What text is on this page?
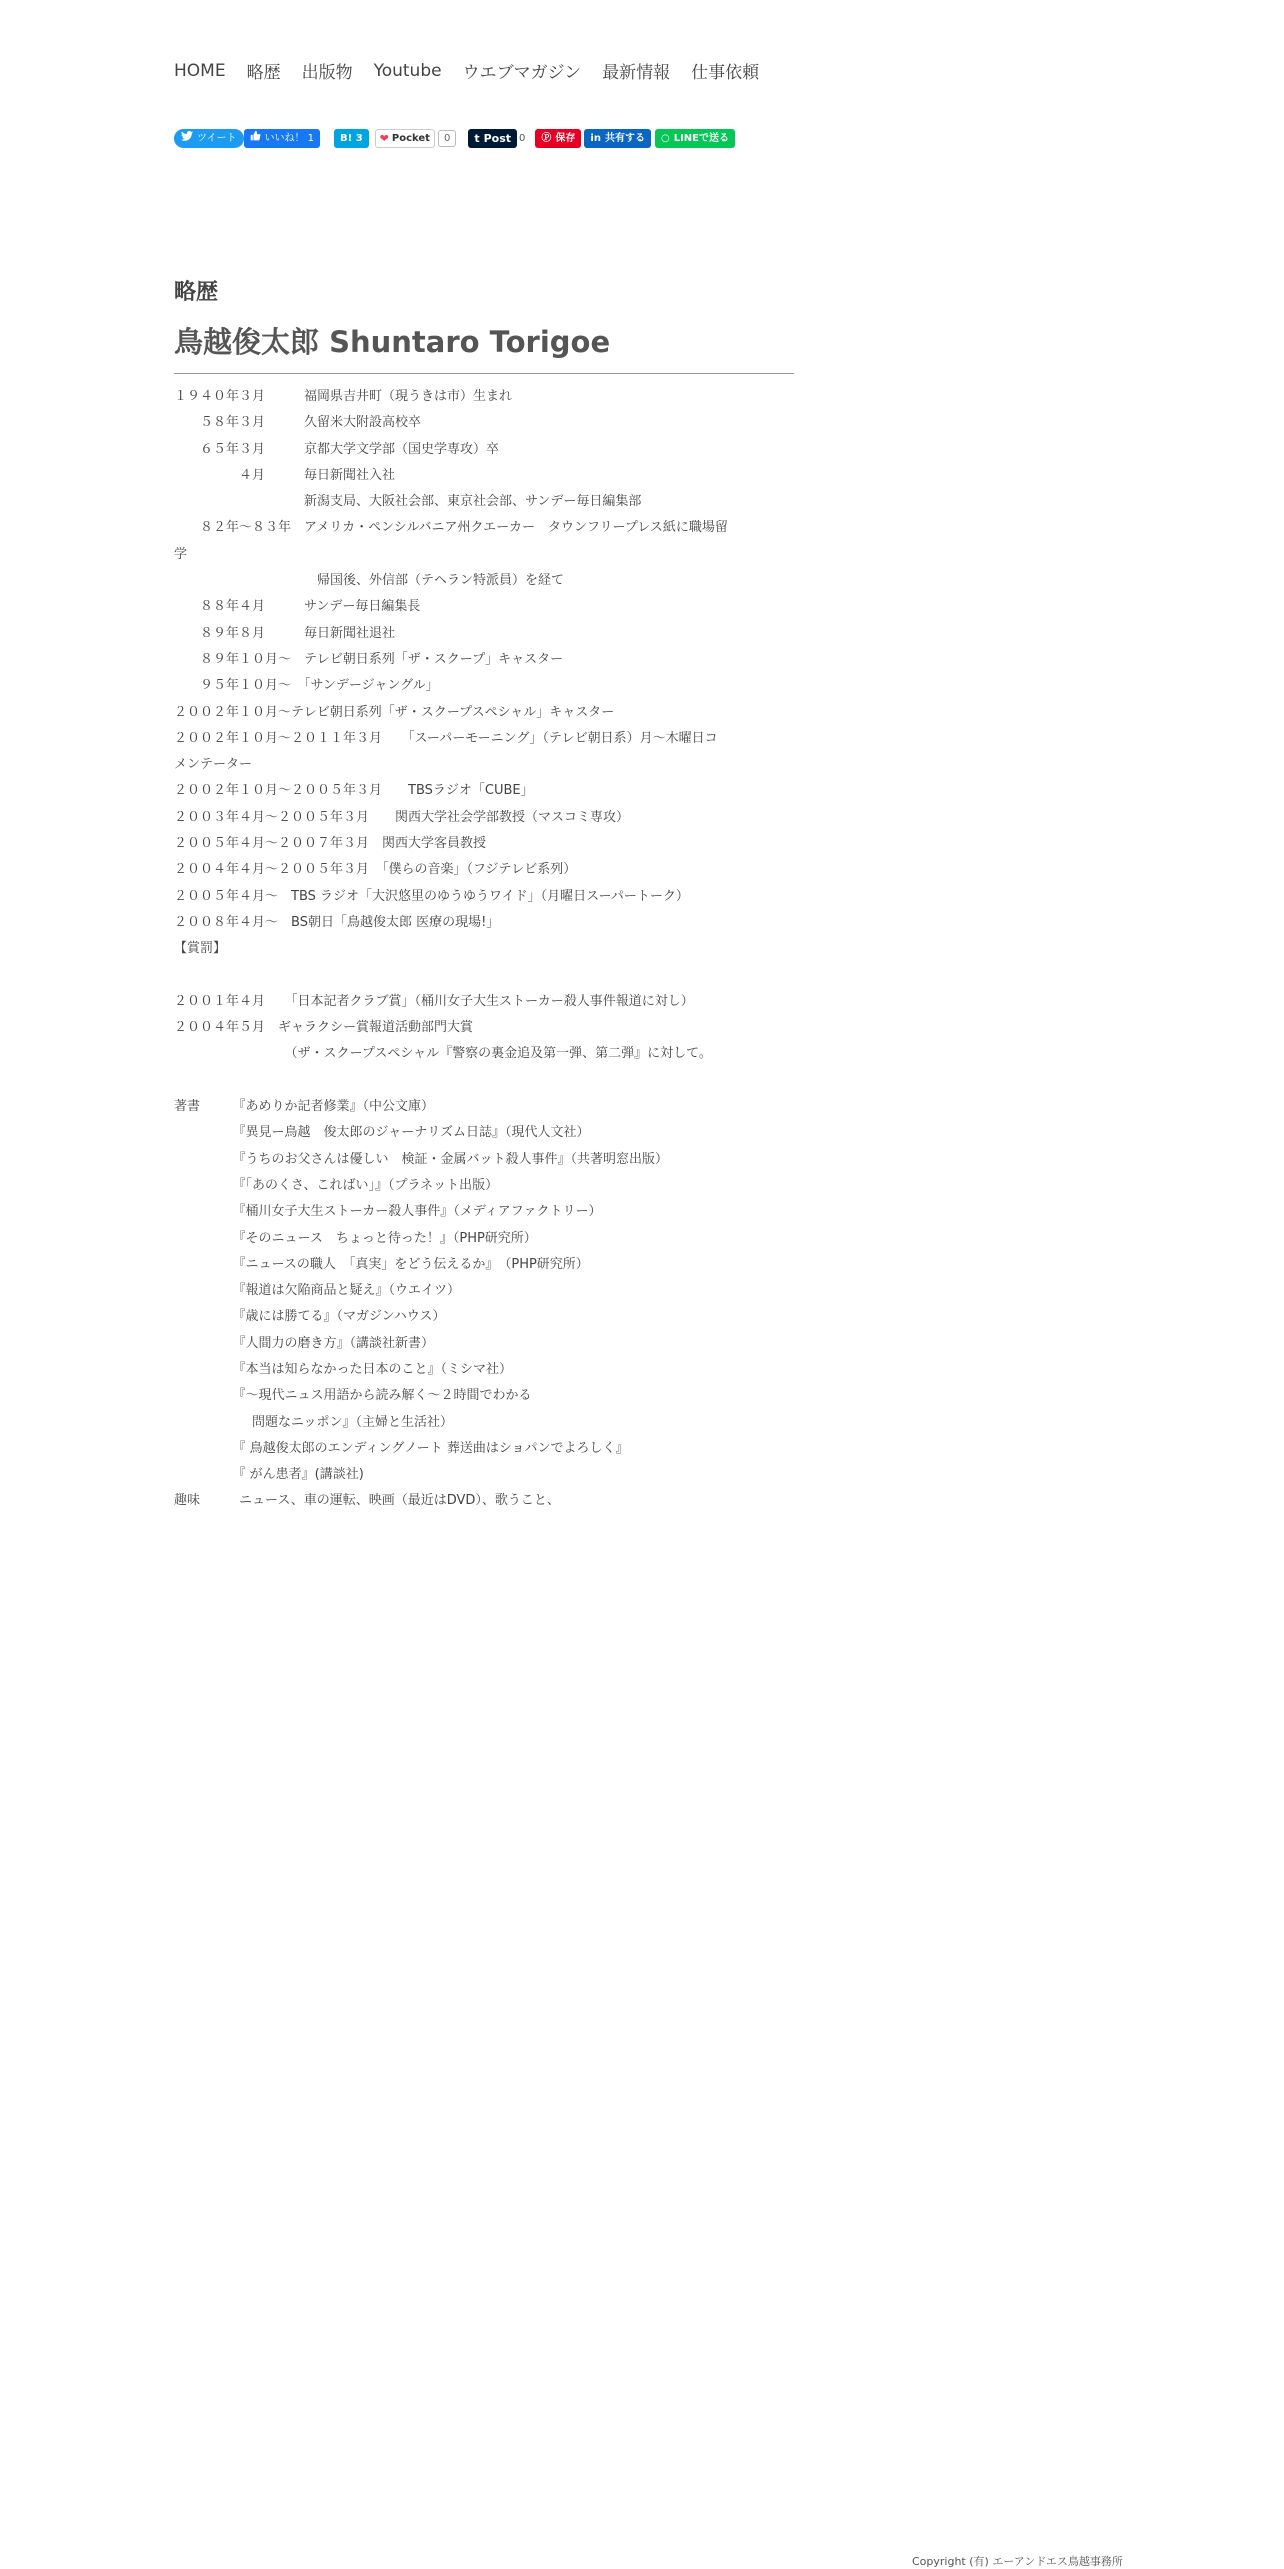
HOME 略歴 出版物 Youtube ウエブマガジン 最新情報 仕事依頼
ツイート	いいね！ 1	B! 3 ❤ Pocket	0	t Post 0 Ⓟ 保存 in 共有する ○ LINEで送る
略歴
鳥越俊太郎 Shuntaro Torigoe
１９４０年３月　　　福岡県吉井町（現うきは市）生まれ
　　５８年３月　　　久留米大附設高校卒
　　６５年３月　　　京都大学文学部（国史学専攻）卒
　　　　　４月　　　毎日新聞社入社
　　　　　　　　　　新潟支局、大阪社会部、東京社会部、サンデー毎日編集部
　　８２年〜８３年　アメリカ・ペンシルバニア州クエーカー　タウンフリープレス紙に職場留
学
　　　　　　　　　　　帰国後、外信部（テヘラン特派員）を経て
　　８８年４月　　　サンデー毎日編集長
　　８９年８月　　　毎日新聞社退社
　　８９年１０月〜　テレビ朝日系列「ザ・スクープ」キャスター
　　９５年１０月〜　「サンデージャングル」
２００２年１０月〜テレビ朝日系列「ザ・スクープスペシャル」キャスター
２００２年１０月〜２０１１年３月　　「スーパーモーニング」（テレビ朝日系）月～木曜日コ
メンテーター
２００２年１０月〜２００５年３月　　TBSラジオ「CUBE」
２００３年４月〜２００５年３月　　関西大学社会学部教授（マスコミ専攻）
２００５年４月〜２００７年３月　関西大学客員教授
２００４年４月〜２００５年３月　「僕らの音楽」（フジテレビ系列）
２００５年４月〜　TBS ラジオ「大沢悠里のゆうゆうワイド」（月曜日スーパートーク）
２００８年４月～　BS朝日「鳥越俊太郎 医療の現場!」
【賞罰】

２００１年４月　　「日本記者クラブ賞」（桶川女子大生ストーカー殺人事件報道に対し）
２００４年５月　ギャラクシー賞報道活動部門大賞
　　　　　　　　　（ザ・スクープスペシャル『警察の裏金追及第一弾、第二弾』に対して。

著書　　　『あめりか記者修業』（中公文庫）
　　　　　『異見ー鳥越　俊太郎のジャーナリズム日誌』（現代人文社）
　　　　　『うちのお父さんは優しい　検証・金属バット殺人事件』（共著明窓出版）
　　　　　『「あのくさ、こればい」』（プラネット出版）
　　　　　『桶川女子大生ストーカー殺人事件』（メディアファクトリー）
　　　　　『そのニュース　ちょっと待った！』（PHP研究所）
　　　　　『ニュースの職人　「真実」をどう伝えるか』　（PHP研究所）
　　　　　『報道は欠陥商品と疑え』（ウエイツ）
　　　　　『歳には勝てる』（マガジンハウス）
　　　　　『人間力の磨き方』（講談社新書）
　　　　　『本当は知らなかった日本のこと』（ミシマ社）
　　　　　『〜現代ニュス用語から読み解く〜２時間でわかる
　　　　　　問題なニッポン』（主婦と生活社）
　　　　　『 鳥越俊太郎のエンディングノート 葬送曲はショパンでよろしく』
　　　　　『 がん患者』(講談社)
趣味　　　ニュース、車の運転、映画（最近はDVD）、歌うこと、
Copyright (有) エーアンドエス鳥越事務所
